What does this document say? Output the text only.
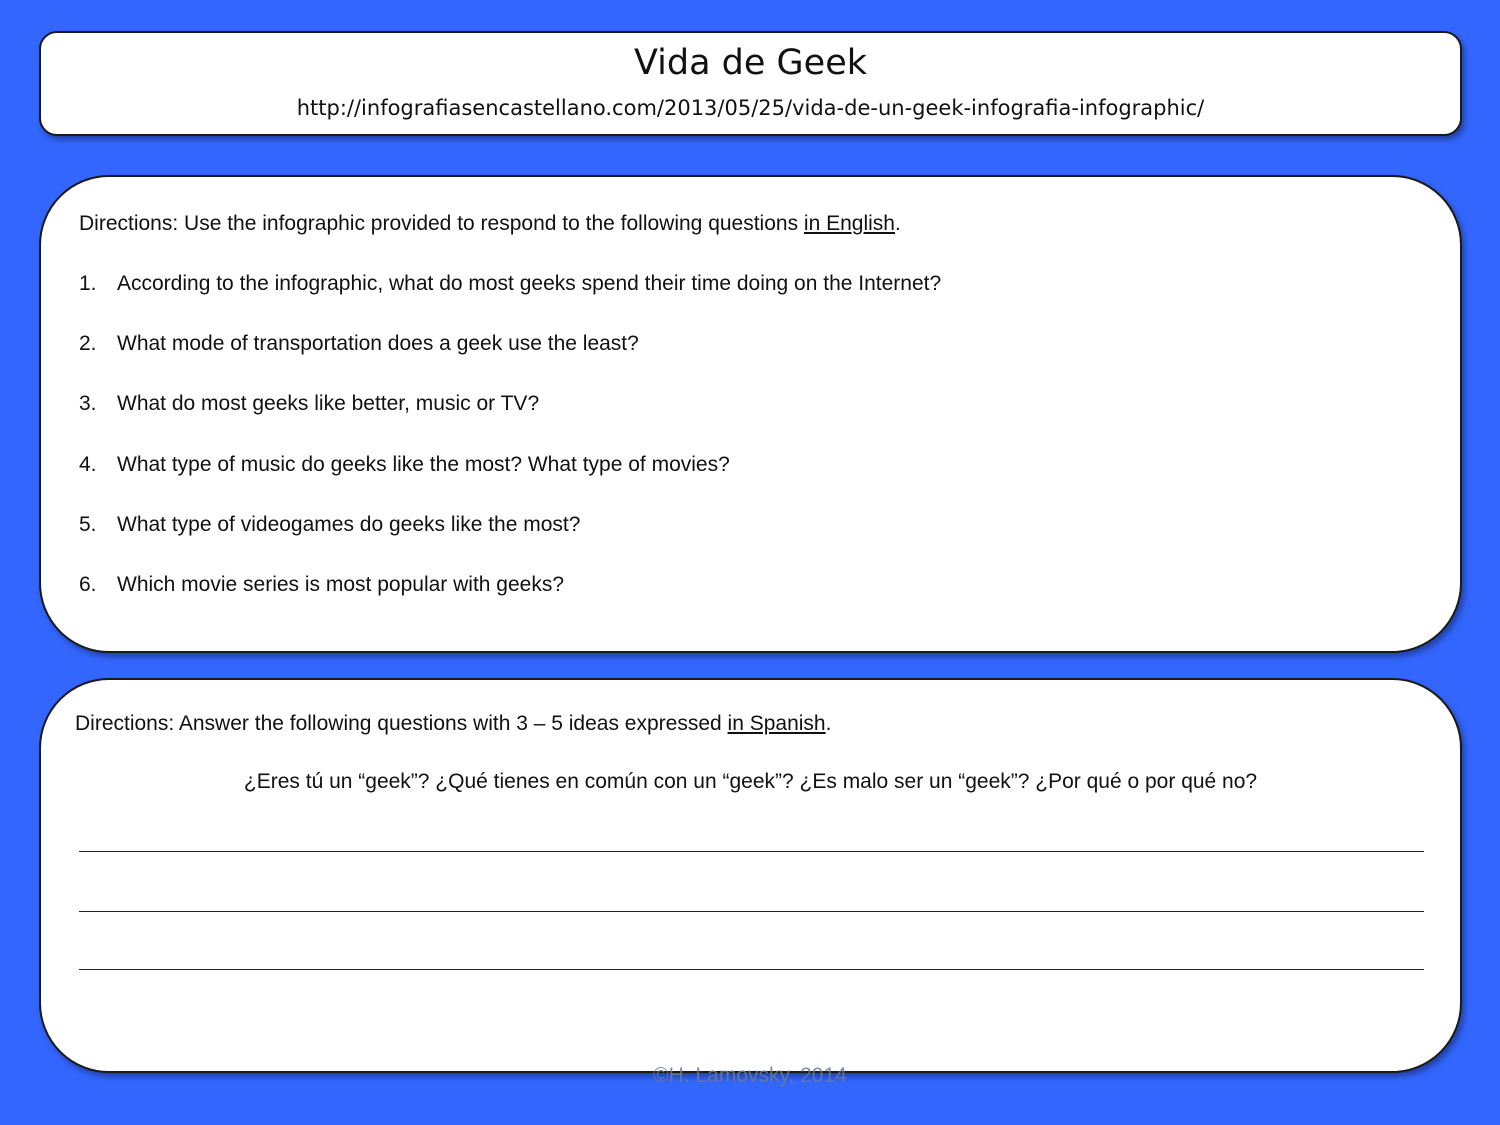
Vida de Geek
http://infografiasencastellano.com/2013/05/25/vida-de-un-geek-infografia-infographic/
Directions: Use the infographic provided to respond to the following questions in English.
1. According to the infographic, what do most geeks spend their time doing on the Internet?
2. What mode of transportation does a geek use the least?
3. What do most geeks like better, music or TV?
4. What type of music do geeks like the most? What type of movies?
5. What type of videogames do geeks like the most?
6. Which movie series is most popular with geeks?
Directions: Answer the following questions with 3 – 5 ideas expressed in Spanish.
¿Eres tú un “geek”? ¿Qué tienes en común con un “geek”? ¿Es malo ser un “geek”? ¿Por qué o por qué no?
©H. Lamovsky, 2014
